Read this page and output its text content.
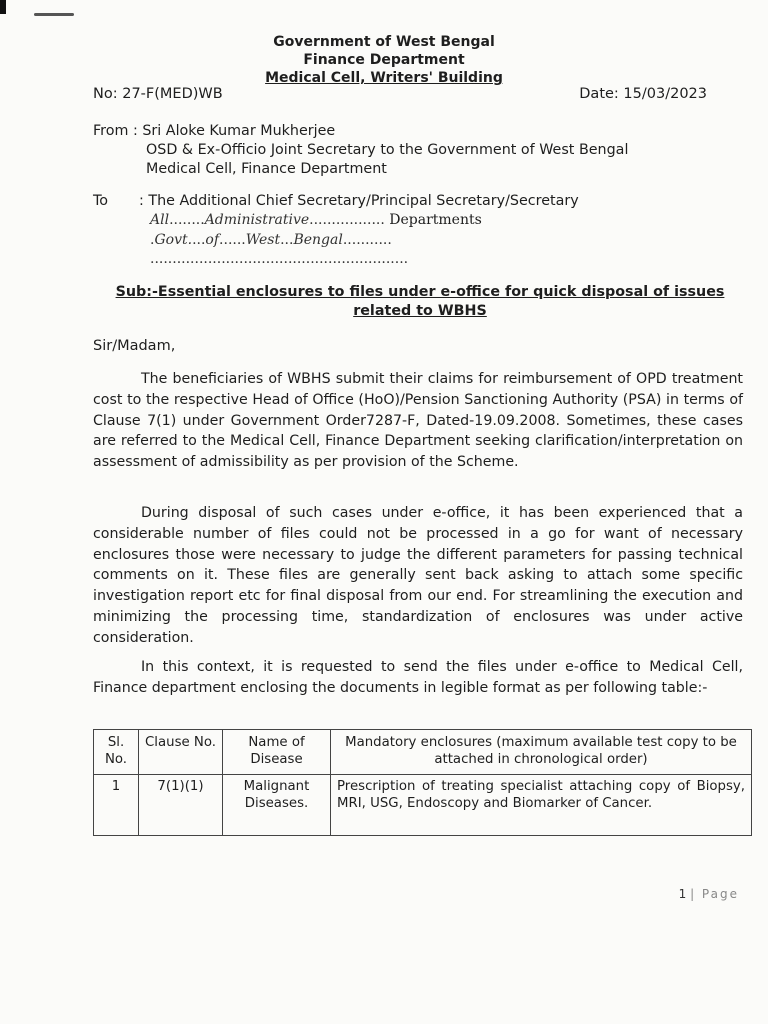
Government of West Bengal
Finance Department
Medical Cell, Writers' Building
No: 27-F(MED)WB	Date: 15/03/2023
From : Sri Aloke Kumar Mukherjee
OSD & Ex-Officio Joint Secretary to the Government of West Bengal
Medical Cell, Finance Department
To : The Additional Chief Secretary/Principal Secretary/Secretary
All........Administrative................. Departments
.Govt....of......West...Bengal...........
..........................................................
Sub:-Essential enclosures to files under e-office for quick disposal of issues related to WBHS
Sir/Madam,
The beneficiaries of WBHS submit their claims for reimbursement of OPD treatment cost to the respective Head of Office (HoO)/Pension Sanctioning Authority (PSA) in terms of Clause 7(1) under Government Order7287-F, Dated-19.09.2008. Sometimes, these cases are referred to the Medical Cell, Finance Department seeking clarification/interpretation on assessment of admissibility as per provision of the Scheme.
During disposal of such cases under e-office, it has been experienced that a considerable number of files could not be processed in a go for want of necessary enclosures those were necessary to judge the different parameters for passing technical comments on it. These files are generally sent back asking to attach some specific investigation report etc for final disposal from our end. For streamlining the execution and minimizing the processing time, standardization of enclosures was under active consideration.
In this context, it is requested to send the files under e-office to Medical Cell, Finance department enclosing the documents in legible format as per following table:-
Sl. No.	Clause No.	Name of Disease	Mandatory enclosures (maximum available test copy to be attached in chronological order)
1	7(1)(1)	Malignant Diseases.	Prescription of treating specialist attaching copy of Biopsy, MRI, USG, Endoscopy and Biomarker of Cancer.
1 | Page
